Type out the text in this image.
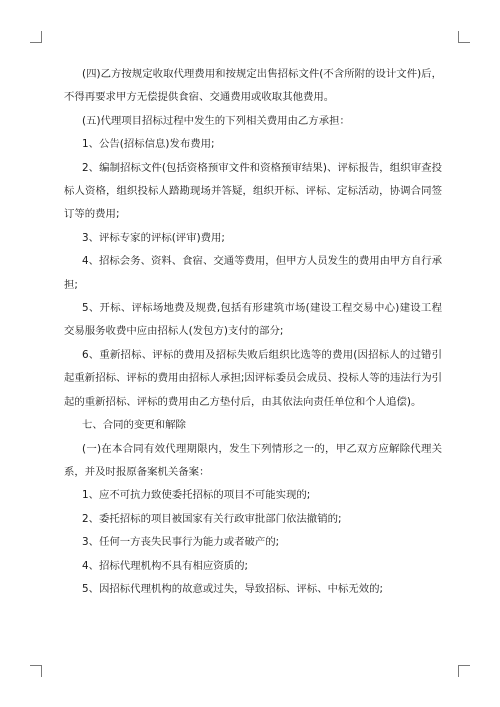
(四)乙方按规定收取代理费用和按规定出售招标文件(不含所附的设计文件)后，不得再要求甲方无偿提供食宿、交通费用或收取其他费用。

(五)代理项目招标过程中发生的下列相关费用由乙方承担：

1、公告(招标信息)发布费用;

2、编制招标文件(包括资格预审文件和资格预审结果)、评标报告，组织审查投标人资格，组织投标人踏勘现场并答疑，组织开标、评标、定标活动，协调合同签订等的费用;

3、评标专家的评标(评审)费用;

4、招标会务、资料、食宿、交通等费用，但甲方人员发生的费用由甲方自行承担;

5、开标、评标场地费及规费,包括有形建筑市场(建设工程交易中心)建设工程交易服务收费中应由招标人(发包方)支付的部分;

6、重新招标、评标的费用及招标失败后组织比选等的费用(因招标人的过错引起重新招标、评标的费用由招标人承担;因评标委员会成员、投标人等的违法行为引起的重新招标、评标的费用由乙方垫付后，由其依法向责任单位和个人追偿)。

七、合同的变更和解除

(一)在本合同有效代理期限内，发生下列情形之一的，甲乙双方应解除代理关系，并及时报原备案机关备案：

1、应不可抗力致使委托招标的项目不可能实现的;

2、委托招标的项目被国家有关行政审批部门依法撤销的;

3、任何一方丧失民事行为能力或者破产的;

4、招标代理机构不具有相应资质的;

5、因招标代理机构的故意或过失，导致招标、评标、中标无效的;
